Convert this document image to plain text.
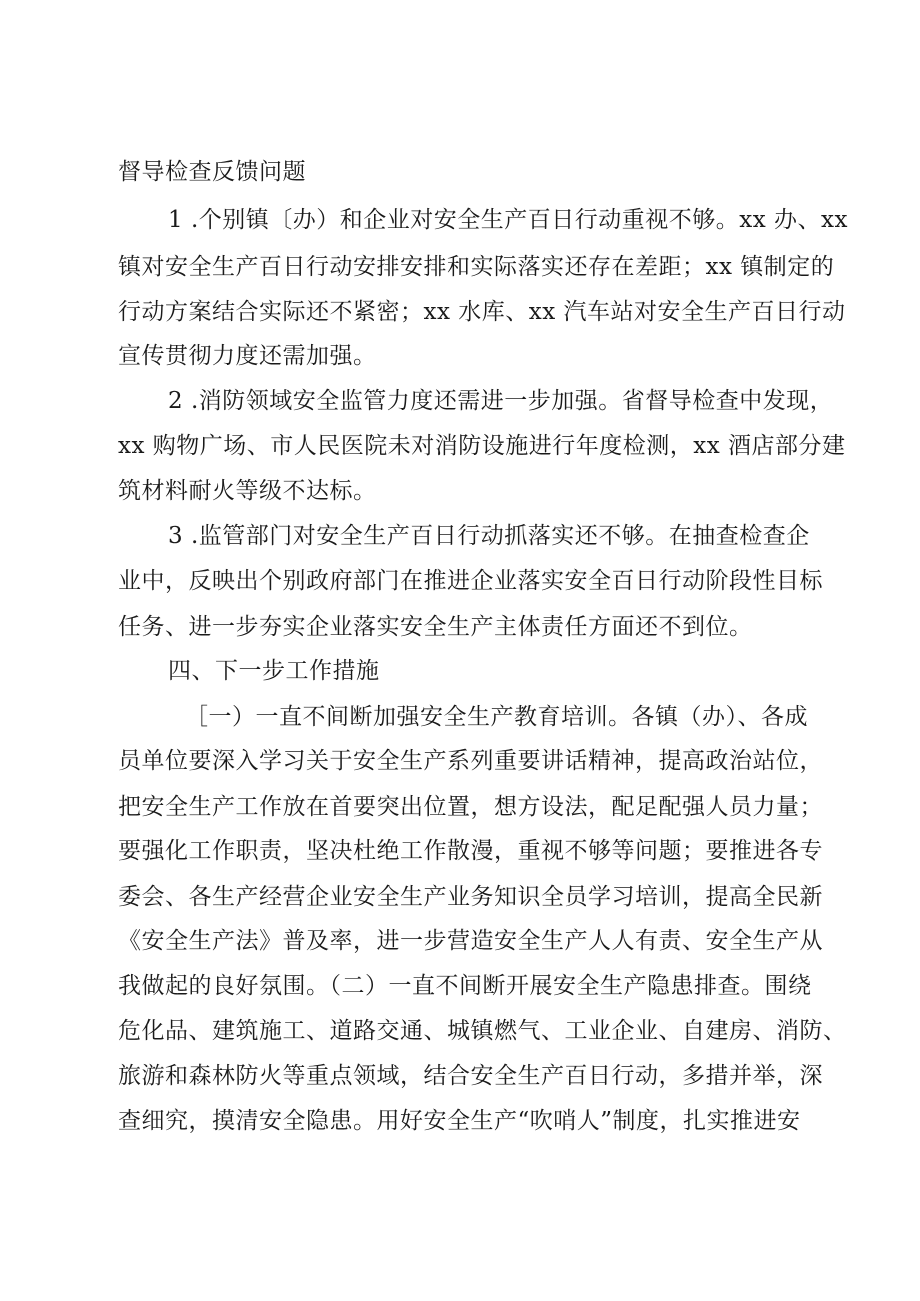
督导检查反馈问题
1 .个别镇〔办）和企业对安全生产百日行动重视不够。xx 办、xx
镇对安全生产百日行动安排安排和实际落实还存在差距；xx 镇制定的
行动方案结合实际还不紧密；xx 水库、xx 汽车站对安全生产百日行动
宣传贯彻力度还需加强。
2 .消防领域安全监管力度还需进一步加强。省督导检查中发现，
xx 购物广场、市人民医院未对消防设施进行年度检测，xx 酒店部分建
筑材料耐火等级不达标。
3 .监管部门对安全生产百日行动抓落实还不够。在抽查检查企
业中，反映出个别政府部门在推进企业落实安全百日行动阶段性目标
任务、进一步夯实企业落实安全生产主体责任方面还不到位。
四、下一步工作措施
［一）一直不间断加强安全生产教育培训。各镇（办）、各成
员单位要深入学习关于安全生产系列重要讲话精神，提高政治站位，
把安全生产工作放在首要突出位置，想方设法，配足配强人员力量；
要强化工作职责，坚决杜绝工作散漫，重视不够等问题；要推进各专
委会、各生产经营企业安全生产业务知识全员学习培训，提高全民新
《安全生产法》普及率，进一步营造安全生产人人有责、安全生产从
我做起的良好氛围。（二）一直不间断开展安全生产隐患排查。围绕
危化品、建筑施工、道路交通、城镇燃气、工业企业、自建房、消防、
旅游和森林防火等重点领域，结合安全生产百日行动，多措并举，深
查细究，摸清安全隐患。用好安全生产“吹哨人”制度，扎实推进安
